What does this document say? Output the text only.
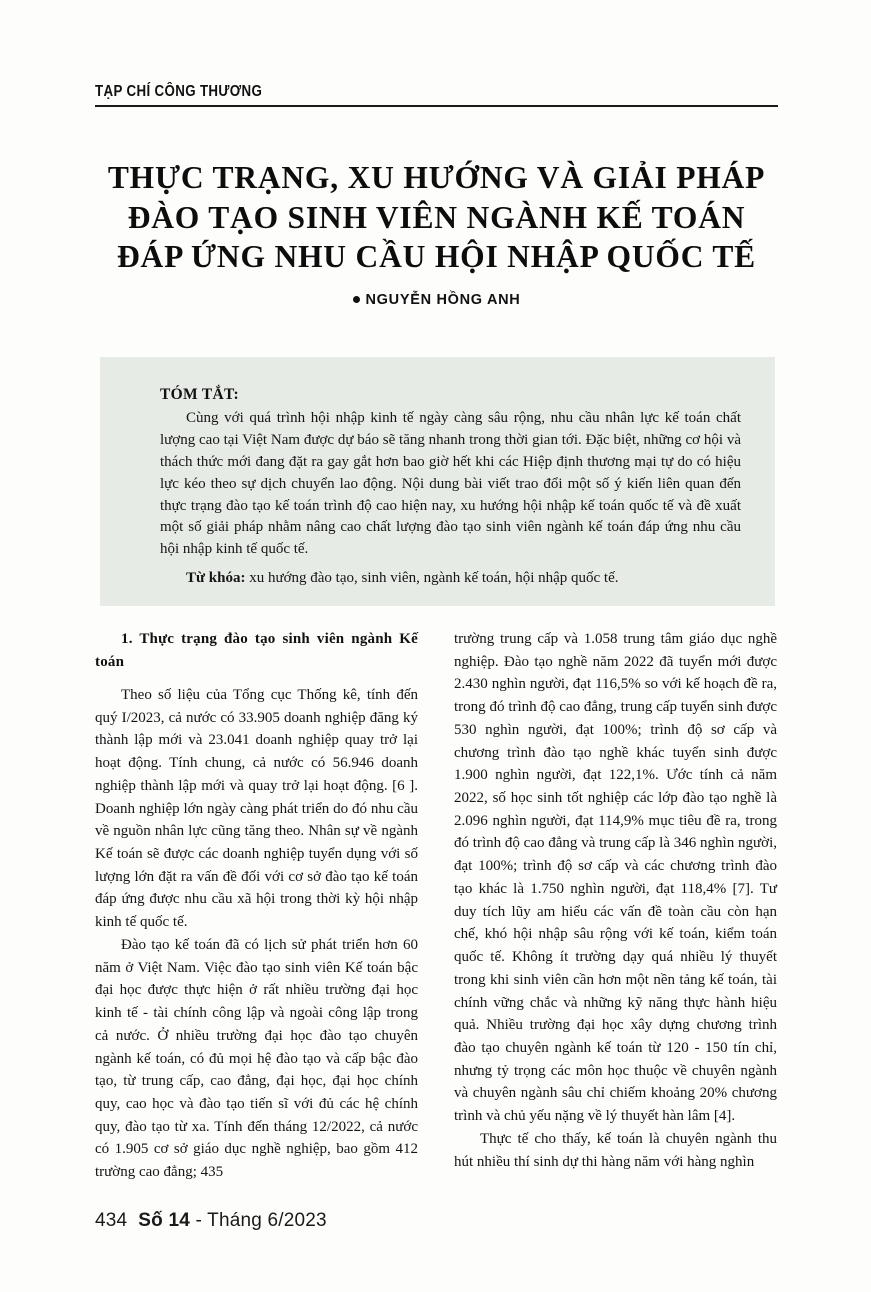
TẠP CHÍ CÔNG THƯƠNG
THỰC TRẠNG, XU HƯỚNG VÀ GIẢI PHÁP
ĐÀO TẠO SINH VIÊN NGÀNH KẾ TOÁN
ĐÁP ỨNG NHU CẦU HỘI NHẬP QUỐC TẾ
NGUYỄN HỒNG ANH
TÓM TẮT:

Cùng với quá trình hội nhập kinh tế ngày càng sâu rộng, nhu cầu nhân lực kế toán chất lượng cao tại Việt Nam được dự báo sẽ tăng nhanh trong thời gian tới. Đặc biệt, những cơ hội và thách thức mới đang đặt ra gay gắt hơn bao giờ hết khi các Hiệp định thương mại tự do có hiệu lực kéo theo sự dịch chuyển lao động. Nội dung bài viết trao đổi một số ý kiến liên quan đến thực trạng đào tạo kế toán trình độ cao hiện nay, xu hướng hội nhập kế toán quốc tế và đề xuất một số giải pháp nhằm nâng cao chất lượng đào tạo sinh viên ngành kế toán đáp ứng nhu cầu hội nhập kinh tế quốc tế.

Từ khóa: xu hướng đào tạo, sinh viên, ngành kế toán, hội nhập quốc tế.

1. Thực trạng đào tạo sinh viên ngành Kế toán

Theo số liệu của Tổng cục Thống kê, tính đến quý I/2023, cả nước có 33.905 doanh nghiệp đăng ký thành lập mới và 23.041 doanh nghiệp quay trở lại hoạt động. Tính chung, cả nước có 56.946 doanh nghiệp thành lập mới và quay trở lại hoạt động. [6 ]. Doanh nghiệp lớn ngày càng phát triển do đó nhu cầu về nguồn nhân lực cũng tăng theo. Nhân sự về ngành Kế toán sẽ được các doanh nghiệp tuyển dụng với số lượng lớn đặt ra vấn đề đối với cơ sở đào tạo kế toán đáp ứng được nhu cầu xã hội trong thời kỳ hội nhập kinh tế quốc tế.

Đào tạo kế toán đã có lịch sử phát triển hơn 60 năm ở Việt Nam. Việc đào tạo sinh viên Kế toán bậc đại học được thực hiện ở rất nhiều trường đại học kinh tế - tài chính công lập và ngoài công lập trong cả nước. Ở nhiều trường đại học đào tạo chuyên ngành kế toán, có đủ mọi hệ đào tạo và cấp bậc đào tạo, từ trung cấp, cao đẳng, đại học, đại học chính quy, cao học và đào tạo tiến sĩ với đủ các hệ chính quy, đào tạo từ xa. Tính đến tháng 12/2022, cả nước có 1.905 cơ sở giáo dục nghề nghiệp, bao gồm 412 trường cao đẳng; 435

trường trung cấp và 1.058 trung tâm giáo dục nghề nghiệp. Đào tạo nghề năm 2022 đã tuyển mới được 2.430 nghìn người, đạt 116,5% so với kế hoạch đề ra, trong đó trình độ cao đẳng, trung cấp tuyển sinh được 530 nghìn người, đạt 100%; trình độ sơ cấp và chương trình đào tạo nghề khác tuyển sinh được 1.900 nghìn người, đạt 122,1%. Ước tính cả năm 2022, số học sinh tốt nghiệp các lớp đào tạo nghề là 2.096 nghìn người, đạt 114,9% mục tiêu đề ra, trong đó trình độ cao đẳng và trung cấp là 346 nghìn người, đạt 100%; trình độ sơ cấp và các chương trình đào tạo khác là 1.750 nghìn người, đạt 118,4% [7]. Tư duy tích lũy am hiểu các vấn đề toàn cầu còn hạn chế, khó hội nhập sâu rộng với kế toán, kiểm toán quốc tế. Không ít trường dạy quá nhiều lý thuyết trong khi sinh viên cần hơn một nền tảng kế toán, tài chính vững chắc và những kỹ năng thực hành hiệu quả. Nhiều trường đại học xây dựng chương trình đào tạo chuyên ngành kế toán từ 120 - 150 tín chỉ, nhưng tỷ trọng các môn học thuộc về chuyên ngành và chuyên ngành sâu chỉ chiếm khoảng 20% chương trình và chủ yếu nặng về lý thuyết hàn lâm [4].

Thực tế cho thấy, kế toán là chuyên ngành thu hút nhiều thí sinh dự thi hàng năm với hàng nghìn

434 Số 14 - Tháng 6/2023
